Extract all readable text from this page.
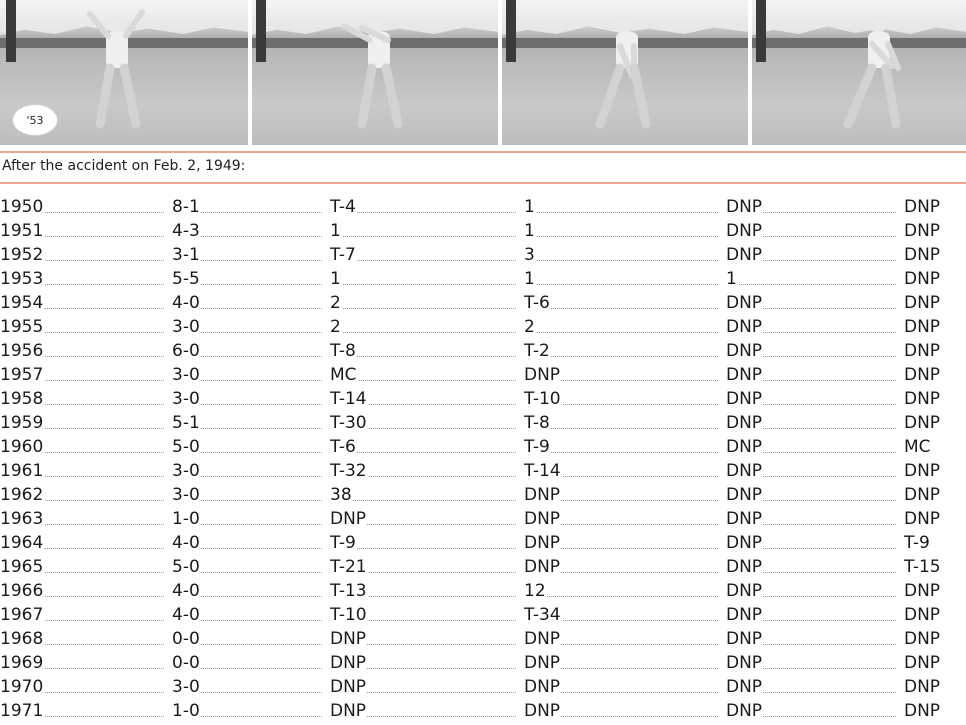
'53
After the accident on Feb. 2, 1949:
1950	8-1	T-4	1	DNP	DNP
1951	4-3	1	1	DNP	DNP
1952	3-1	T-7	3	DNP	DNP
1953	5-5	1	1	1	DNP
1954	4-0	2	T-6	DNP	DNP
1955	3-0	2	2	DNP	DNP
1956	6-0	T-8	T-2	DNP	DNP
1957	3-0	MC	DNP	DNP	DNP
1958	3-0	T-14	T-10	DNP	DNP
1959	5-1	T-30	T-8	DNP	DNP
1960	5-0	T-6	T-9	DNP	MC
1961	3-0	T-32	T-14	DNP	DNP
1962	3-0	38	DNP	DNP	DNP
1963	1-0	DNP	DNP	DNP	DNP
1964	4-0	T-9	DNP	DNP	T-9
1965	5-0	T-21	DNP	DNP	T-15
1966	4-0	T-13	12	DNP	DNP
1967	4-0	T-10	T-34	DNP	DNP
1968	0-0	DNP	DNP	DNP	DNP
1969	0-0	DNP	DNP	DNP	DNP
1970	3-0	DNP	DNP	DNP	DNP
1971	1-0	DNP	DNP	DNP	DNP
